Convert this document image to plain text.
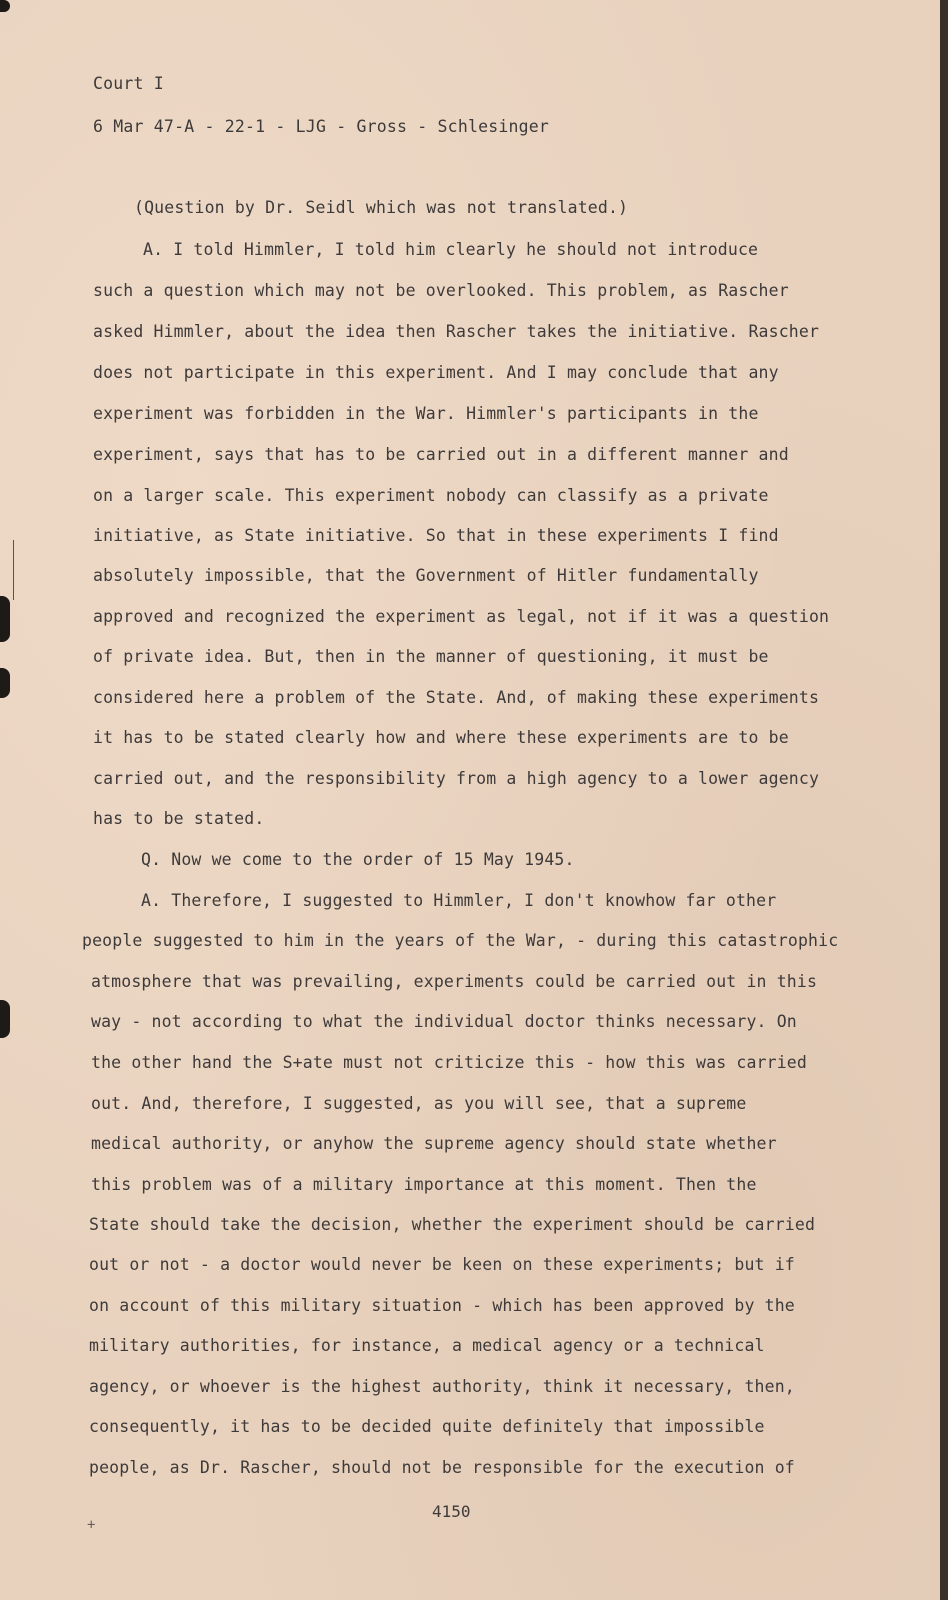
Court I
6 Mar 47-A - 22-1 - LJG - Gross - Schlesinger
(Question by Dr. Seidl which was not translated.)
A. I told Himmler, I told him clearly he should not introduce
such a question which may not be overlooked. This problem, as Rascher
asked Himmler, about the idea then Rascher takes the initiative. Rascher
does not participate in this experiment. And I may conclude that any
experiment was forbidden in the War. Himmler's participants in the
experiment, says that has to be carried out in a different manner and
on a larger scale. This experiment nobody can classify as a private
initiative, as State initiative. So that in these experiments I find
absolutely impossible, that the Government of Hitler fundamentally
approved and recognized the experiment as legal, not if it was a question
of private idea. But, then in the manner of questioning, it must be
considered here a problem of the State. And, of making these experiments
it has to be stated clearly how and where these experiments are to be
carried out, and the responsibility from a high agency to a lower agency
has to be stated.
Q. Now we come to the order of 15 May 1945.
A. Therefore, I suggested to Himmler, I don't knowhow far other
people suggested to him in the years of the War, - during this catastrophic
atmosphere that was prevailing, experiments could be carried out in this
way - not according to what the individual doctor thinks necessary. On
the other hand the S+ate must not criticize this - how this was carried
out. And, therefore, I suggested, as you will see, that a supreme
medical authority, or anyhow the supreme agency should state whether
this problem was of a military importance at this moment. Then the
State should take the decision, whether the experiment should be carried
out or not - a doctor would never be keen on these experiments; but if
on account of this military situation - which has been approved by the
military authorities, for instance, a medical agency or a technical
agency, or whoever is the highest authority, think it necessary, then,
consequently, it has to be decided quite definitely that impossible
people, as Dr. Rascher, should not be responsible for the execution of
4150
+
